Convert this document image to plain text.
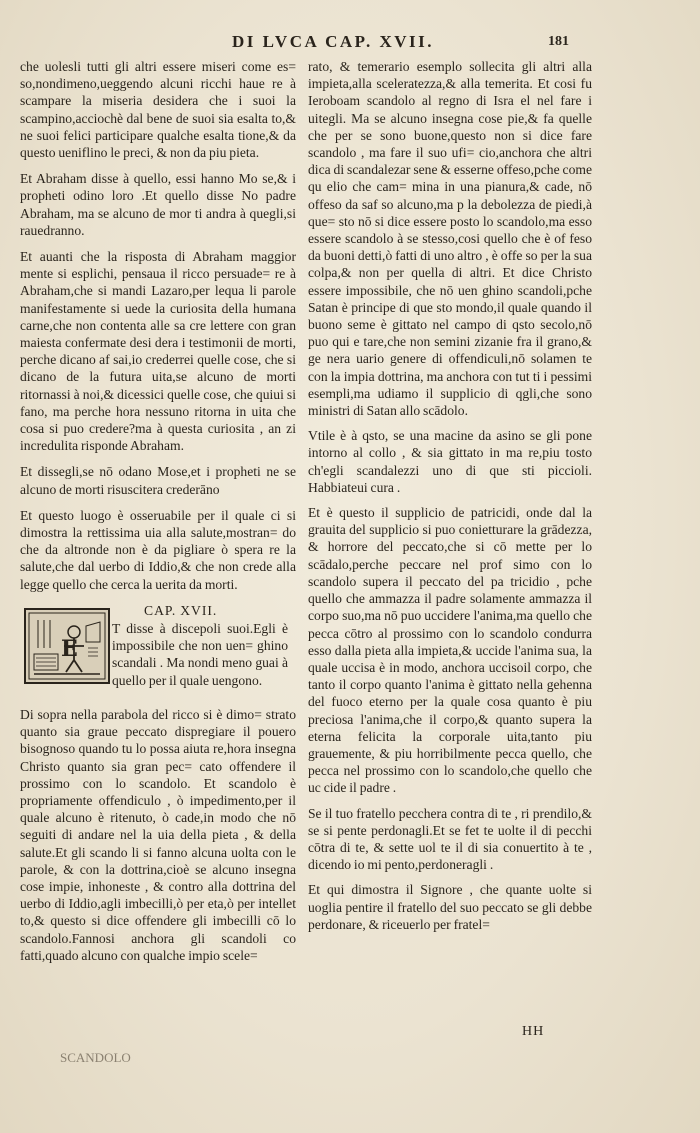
DI LVCA CAP. XVII.	181

che uolesli tutti gli altri essere miseri come es= so,nondimeno,ueggendo alcuni ricchi haue re à scampare la miseria desidera che i suoi la scampino,acciochè dal bene de suoi sia esalta to,& ne suoi felici participare qualche esalta tione,& da questo ueniflino le preci, & non da piu pieta.

Et Abraham disse à quello, essi hanno Mo se,& i propheti odino loro .Et quello disse No padre Abraham, ma se alcuno de mor ti andra à quegli,si rauedranno.

Et auanti che la risposta di Abraham maggior mente si esplichi, pensaua il ricco persuade= re à Abraham,che si mandi Lazaro,per lequa li parole manifestamente si uede la curiosita della humana carne,che non contenta alle sa cre lettere con gran maiesta confermate desi dera i testimonii de morti, perche dicano af sai,io crederrei quelle cose, che si dicano de la futura uita,se alcuno de morti ritornassi à noi,& dicessici quelle cose, che quiui si fano, ma perche hora nessuno ritorna in uita che cosa si puo credere?ma à questa curiosita , an zi incredulita risponde Abraham.

Et dissegli,se nō odano Mose,et i propheti ne se alcuno de morti risuscitera crederāno

Et questo luogo è osseruabile per il quale ci si dimostra la rettissima uia alla salute,mostran= do che da altronde non è da pigliare ò spera re la salute,che dal uerbo di Iddio,& che non crede alla legge quello che cerca la uerita da morti.

E
CAP. XVII.
T disse à discepoli suoi.Egli è impossibile che non uen= ghino scandali . Ma nondi meno guai à quello per il quale uengono.

Di sopra nella parabola del ricco si è dimo= strato quanto sia graue peccato dispregiare il pouero bisognoso quando tu lo possa aiuta re,hora insegna Christo quanto sia gran pec= cato offendere il prossimo con lo scandolo. Et scandolo è propriamente offendiculo , ò impedimento,per il quale alcuno è ritenuto, ò cade,in modo che nō seguiti di andare nel la uia della pieta , & della salute.Et gli scando li si fanno alcuna uolta con le parole, & con la dottrina,cioè se alcuno insegna cose impie, inhoneste , & contro alla dottrina del uerbo di Iddio,agli imbecilli,ò per eta,ò per intellet to,& questo si dice offendere gli imbecilli cō lo scandolo.Fannosi anchora gli scandoli co fatti,quado alcuno con qualche impio scele=

rato, & temerario esemplo sollecita gli altri alla impieta,alla sceleratezza,& alla temerita. Et cosi fu Ieroboam scandolo al regno di Isra el nel fare i uitegli. Ma se alcuno insegna cose pie,& fa quelle che per se sono buone,questo non si dice fare scandolo , ma fare il suo ufi= cio,anchora che altri dica di scandalezar sene & esserne offeso,pche come qu elio che cam= mina in una pianura,& cade, nō offeso da saf so alcuno,ma p la debolezza de piedi,à que= sto nō si dice essere posto lo scandolo,ma esso essere scandolo à se stesso,cosi quello che è of feso da buoni detti,ò fatti di uno altro , è offe so per la sua colpa,& non per quella di altri. Et dice Christo essere impossibile, che nō uen ghino scandoli,pche Satan è principe di que sto mondo,il quale quando il buono seme è gittato nel campo di qsto secolo,nō puo qui e tare,che non semini zizanie fra il grano,& ge nera uario genere di offendiculi,nō solamen te con la impia dottrina, ma anchora con tut ti i pessimi esempli,ma udiamo il supplicio di qgli,che sono ministri di Satan allo scādolo.

Vtile è à qsto, se una macine da asino se gli pone intorno al collo , & sia gittato in ma re,piu tosto ch'egli scandalezzi uno di que sti piccioli. Habbiateui cura .

Et è questo il supplicio de patricidi, onde dal la grauita del supplicio si puo conietturare la grādezza, & horrore del peccato,che si cō mette per lo scādalo,perche peccare nel prof simo con lo scandolo supera il peccato del pa tricidio , pche quello che ammazza il padre solamente ammazza il corpo suo,ma nō puo uccidere l'anima,ma quello che pecca cōtro al prossimo con lo scandolo condurra esso dalla pieta alla impieta,& uccide l'anima sua, la quale uccisa è in modo, anchora uccisoil corpo, che tanto il corpo quanto l'anima è gittato nella gehenna del fuoco eterno per la quale cosa quanto è piu preciosa l'anima,che il corpo,& quanto supera la eterna felicita la corporale uita,tanto piu grauemente, & piu horribilmente pecca quello, che pecca nel prossimo con lo scandolo,che quello che uc cide il padre .

Se il tuo fratello pecchera contra di te , ri prendilo,& se si pente perdonagli.Et se fet te uolte il di pecchi cōtra di te, & sette uol te il di sia conuertito à te , dicendo io mi pento,perdoneragli .

Et qui dimostra il Signore , che quante uolte si uoglia pentire il fratello del suo peccato se gli debbe perdonare, & riceuerlo per fratel=

SCANDOLO
HH
